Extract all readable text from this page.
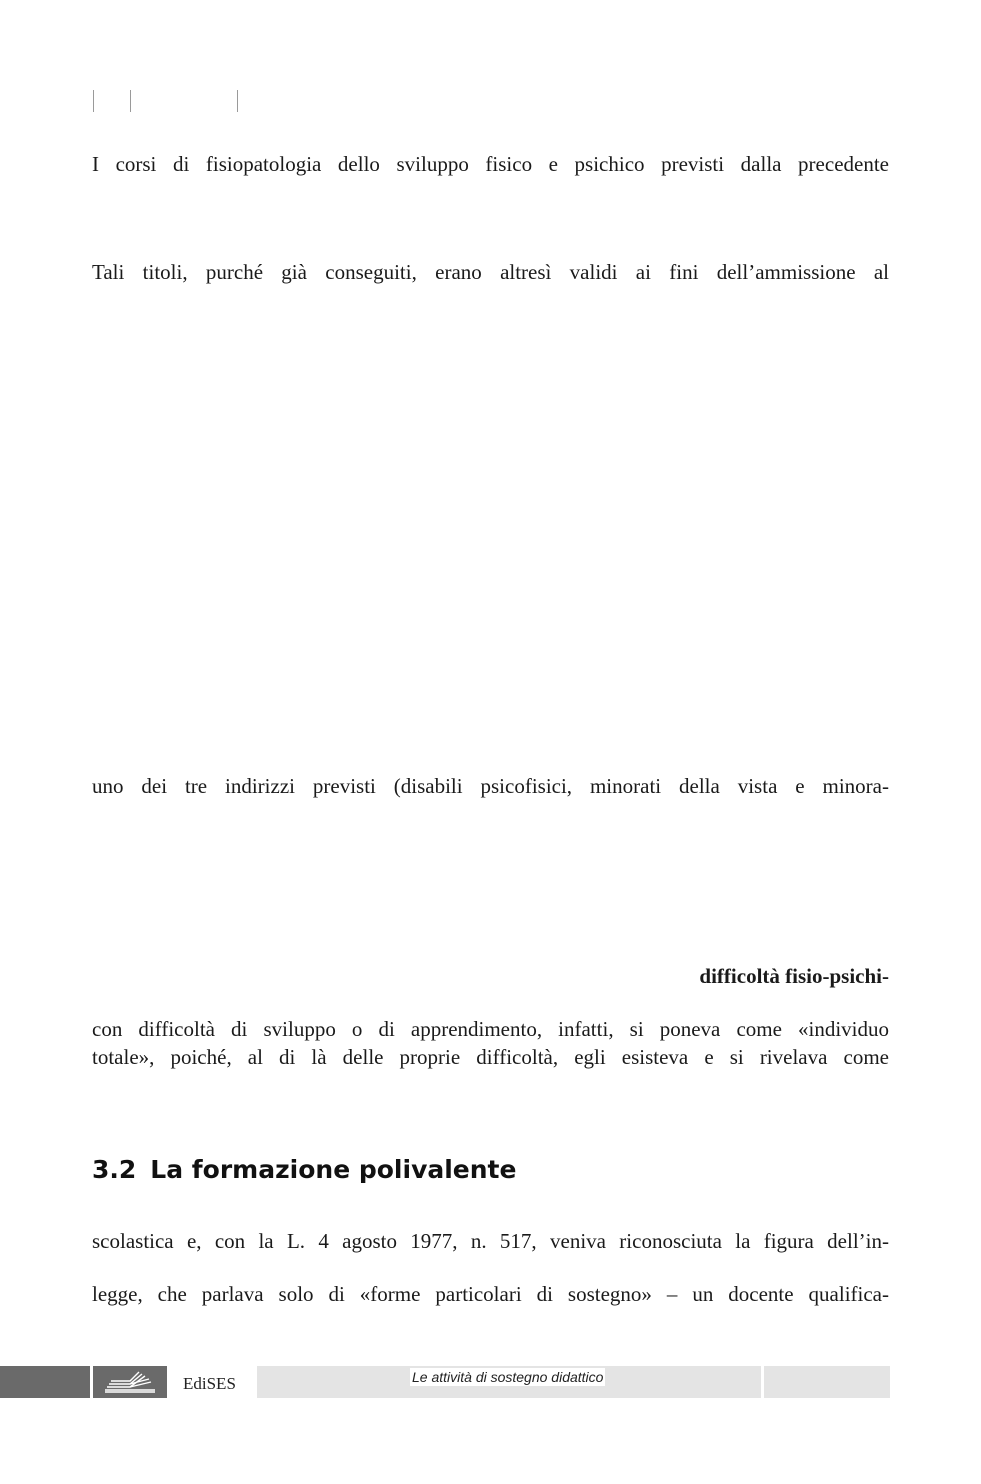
I corsi di fisiopatologia dello sviluppo fisico e psichico previsti dalla precedente
Tali titoli, purché già conseguiti, erano altresì validi ai fini dell’ammissione al
uno dei tre indirizzi previsti (disabili psicofisici, minorati della vista e minora-
difficoltà fisio-psichi-
con difficoltà di sviluppo o di apprendimento, infatti, si poneva come «individuo
totale», poiché, al di là delle proprie difficoltà, egli esisteva e si rivelava come
3.2 La formazione polivalente
scolastica e, con la L. 4 agosto 1977, n. 517, veniva riconosciuta la figura dell’in-
legge, che parlava solo di «forme particolari di sostegno» – un docente qualifica-
EdiSES	Le attività di sostegno didattico
